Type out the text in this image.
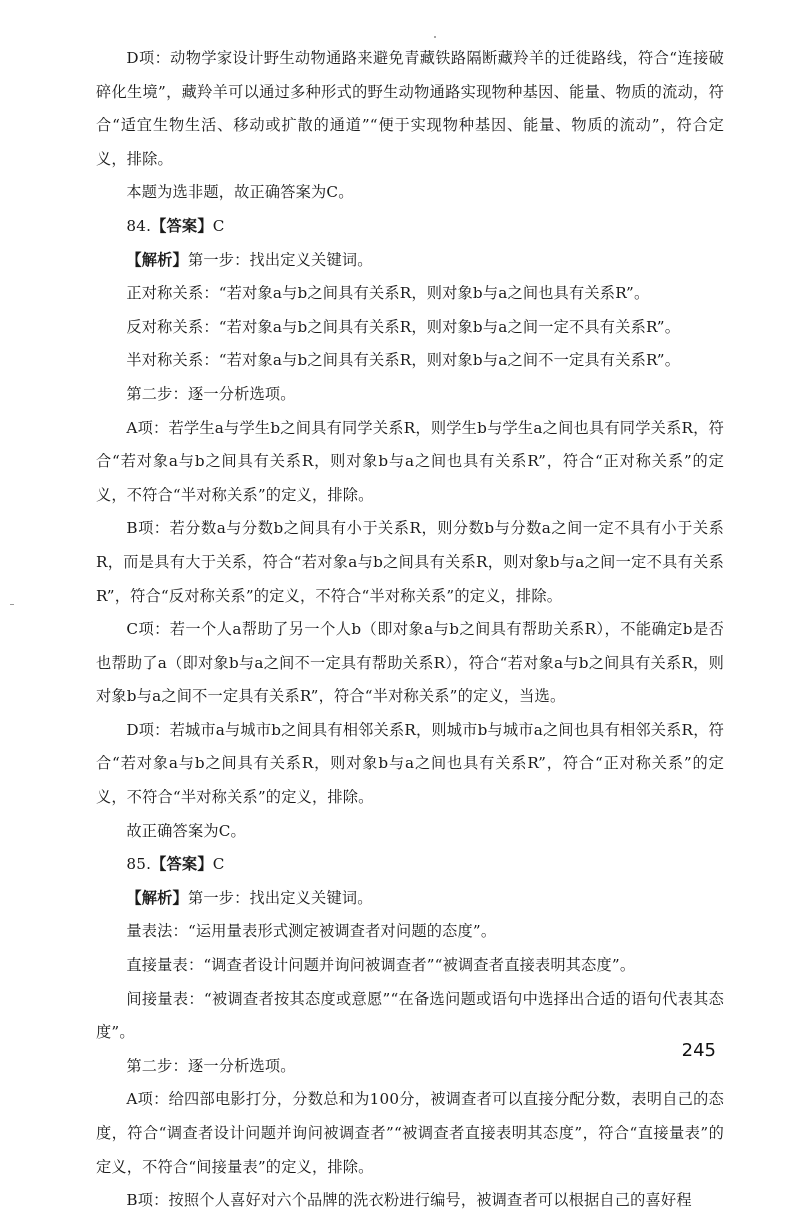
D项：动物学家设计野生动物通路来避免青藏铁路隔断藏羚羊的迁徙路线，符合“连接破碎化生境”，藏羚羊可以通过多种形式的野生动物通路实现物种基因、能量、物质的流动，符合“适宜生物生活、移动或扩散的通道”“便于实现物种基因、能量、物质的流动”，符合定义，排除。

本题为选非题，故正确答案为C。

84.【答案】C

【解析】第一步：找出定义关键词。

正对称关系：“若对象a与b之间具有关系R，则对象b与a之间也具有关系R”。

反对称关系：“若对象a与b之间具有关系R，则对象b与a之间一定不具有关系R”。

半对称关系：“若对象a与b之间具有关系R，则对象b与a之间不一定具有关系R”。

第二步：逐一分析选项。

A项：若学生a与学生b之间具有同学关系R，则学生b与学生a之间也具有同学关系R，符合“若对象a与b之间具有关系R，则对象b与a之间也具有关系R”，符合“正对称关系”的定义，不符合“半对称关系”的定义，排除。

B项：若分数a与分数b之间具有小于关系R，则分数b与分数a之间一定不具有小于关系R，而是具有大于关系，符合“若对象a与b之间具有关系R，则对象b与a之间一定不具有关系R”，符合“反对称关系”的定义，不符合“半对称关系”的定义，排除。

C项：若一个人a帮助了另一个人b（即对象a与b之间具有帮助关系R），不能确定b是否也帮助了a（即对象b与a之间不一定具有帮助关系R），符合“若对象a与b之间具有关系R，则对象b与a之间不一定具有关系R”，符合“半对称关系”的定义，当选。

D项：若城市a与城市b之间具有相邻关系R，则城市b与城市a之间也具有相邻关系R，符合“若对象a与b之间具有关系R，则对象b与a之间也具有关系R”，符合“正对称关系”的定义，不符合“半对称关系”的定义，排除。

故正确答案为C。

85.【答案】C

【解析】第一步：找出定义关键词。

量表法：“运用量表形式测定被调查者对问题的态度”。

直接量表：“调查者设计问题并询问被调查者”“被调查者直接表明其态度”。

间接量表：“被调查者按其态度或意愿”“在备选问题或语句中选择出合适的语句代表其态度”。

第二步：逐一分析选项。

A项：给四部电影打分，分数总和为100分，被调查者可以直接分配分数，表明自己的态度，符合“调查者设计问题并询问被调查者”“被调查者直接表明其态度”，符合“直接量表”的定义，不符合“间接量表”的定义，排除。

B项：按照个人喜好对六个品牌的洗衣粉进行编号，被调查者可以根据自己的喜好程

245
